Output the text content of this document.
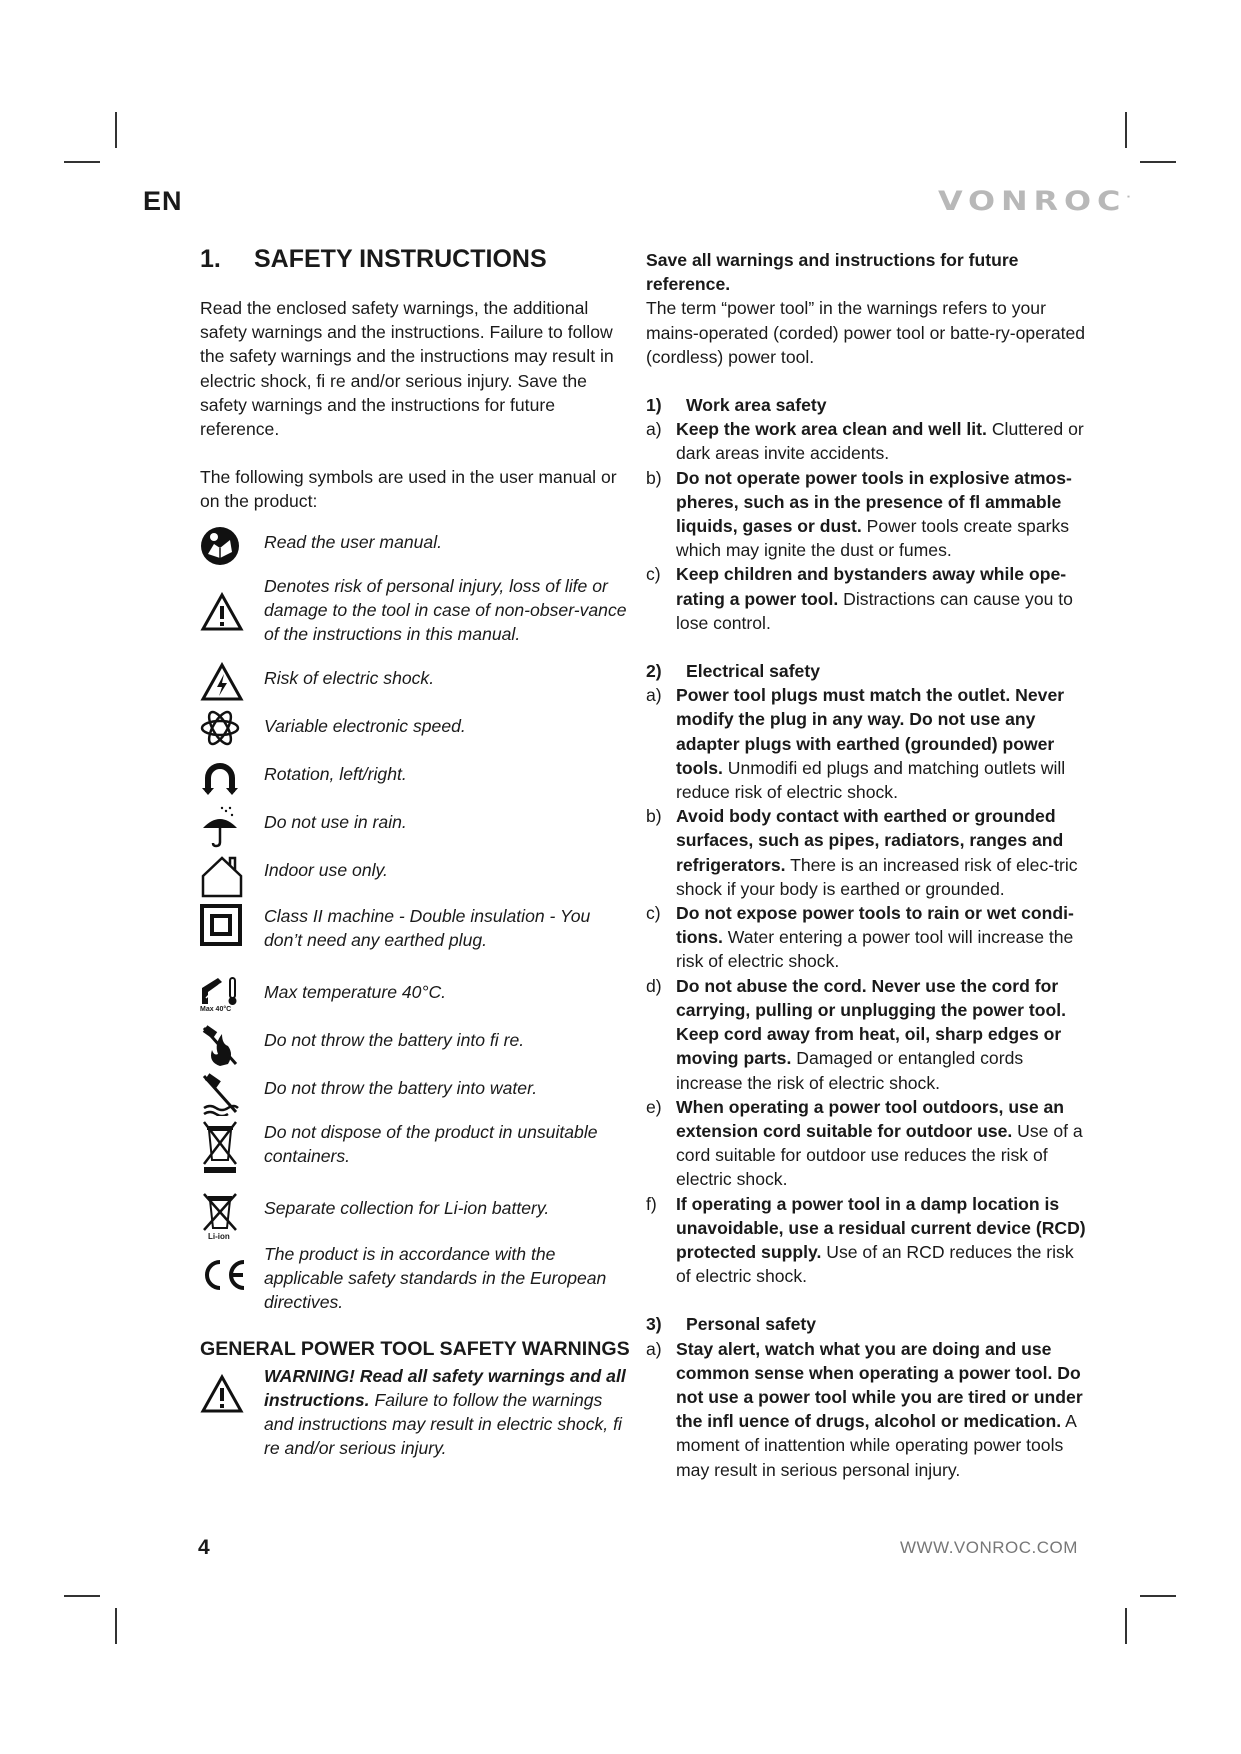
EN	VONROC·
1. SAFETY INSTRUCTIONS

Read the enclosed safety warnings, the additional safety warnings and the instructions. Failure to follow the safety warnings and the instructions may result in electric shock, fi re and/or serious injury. Save the safety warnings and the instructions for future reference.

The following symbols are used in the user manual or on the product:

Read the user manual.
Denotes risk of personal injury, loss of life or damage to the tool in case of non-obser-vance of the instructions in this manual.
Risk of electric shock.
Variable electronic speed.
Rotation, left/right.
Do not use in rain.
Indoor use only.
Class II machine - Double insulation - You don’t need any earthed plug.
Max 40°C
Max temperature 40°C.
Do not throw the battery into fi re.
Do not throw the battery into water.
Do not dispose of the product in unsuitable containers.
Li-ion
Separate collection for Li-ion battery.
The product is in accordance with the applicable safety standards in the European directives.
GENERAL POWER TOOL SAFETY WARNINGS
WARNING! Read all safety warnings and all instructions. Failure to follow the warnings and instructions may result in electric shock, fi re and/or serious injury.

Save all warnings and instructions for future reference.

The term “power tool” in the warnings refers to your mains-operated (corded) power tool or batte-ry-operated (cordless) power tool.

1)	Work area safety
a) Keep the work area clean and well lit. Cluttered or dark areas invite accidents.
b) Do not operate power tools in explosive atmos-pheres, such as in the presence of fl ammable liquids, gases or dust. Power tools create sparks which may ignite the dust or fumes.
c) Keep children and bystanders away while ope-rating a power tool. Distractions can cause you to lose control.
2)	Electrical safety
a) Power tool plugs must match the outlet. Never modify the plug in any way. Do not use any adapter plugs with earthed (grounded) power tools. Unmodifi ed plugs and matching outlets will reduce risk of electric shock.
b) Avoid body contact with earthed or grounded surfaces, such as pipes, radiators, ranges and refrigerators. There is an increased risk of elec-tric shock if your body is earthed or grounded.
c) Do not expose power tools to rain or wet condi-tions. Water entering a power tool will increase the risk of electric shock.
d) Do not abuse the cord. Never use the cord for carrying, pulling or unplugging the power tool. Keep cord away from heat, oil, sharp edges or moving parts. Damaged or entangled cords increase the risk of electric shock.
e) When operating a power tool outdoors, use an extension cord suitable for outdoor use. Use of a cord suitable for outdoor use reduces the risk of electric shock.
f)	If operating a power tool in a damp location is unavoidable, use a residual current device (RCD) protected supply. Use of an RCD reduces the risk of electric shock.
3)	Personal safety
a) Stay alert, watch what you are doing and use common sense when operating a power tool. Do not use a power tool while you are tired or under the infl uence of drugs, alcohol or medication. A moment of inattention while operating power tools may result in serious personal injury.
4	WWW.VONROC.COM
